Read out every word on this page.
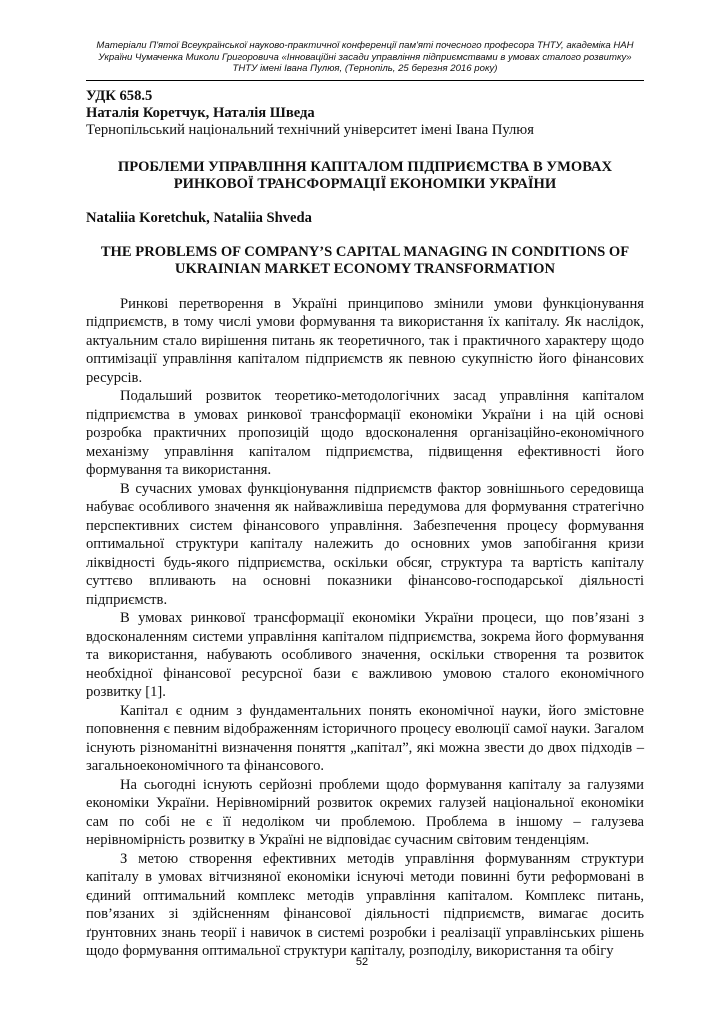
Матеріали П'ятої Всеукраїнської науково-практичної конференції пам'яті почесного професора ТНТУ, академіка НАН України Чумаченка Миколи Григоровича «Інноваційні засади управління підприємствами в умовах сталого розвитку» ТНТУ імені Івана Пулюя, (Тернопіль, 25 березня 2016 року)
УДК 658.5
Наталія Коретчук, Наталія Шведа
Тернопільський національний технічний університет імені Івана Пулюя
ПРОБЛЕМИ УПРАВЛІННЯ КАПІТАЛОМ ПІДПРИЄМСТВА В УМОВАХ РИНКОВОЇ ТРАНСФОРМАЦІЇ ЕКОНОМІКИ УКРАЇНИ
Nataliia Koretchuk, Nataliia Shveda
THE PROBLEMS OF COMPANY’S CAPITAL MANAGING IN CONDITIONS OF UKRAINIAN MARKET ECONOMY TRANSFORMATION

Ринкові перетворення в Україні принципово змінили умови функціонування підприємств, в тому числі умови формування та використання їх капіталу. Як наслідок, актуальним стало вирішення питань як теоретичного, так і практичного характеру щодо оптимізації управління капіталом підприємств як певною сукупністю його фінансових ресурсів.

Подальший розвиток теоретико-методологічних засад управління капіталом підприємства в умовах ринкової трансформації економіки України і на цій основі розробка практичних пропозицій щодо вдосконалення організаційно-економічного механізму управління капіталом підприємства, підвищення ефективності його формування та використання.

В сучасних умовах функціонування підприємств фактор зовнішнього середовища набуває особливого значення як найважливіша передумова для формування стратегічно перспективних систем фінансового управління. Забезпечення процесу формування оптимальної структури капіталу належить до основних умов запобігання кризи ліквідності будь-якого підприємства, оскільки обсяг, структура та вартість капіталу суттєво впливають на основні показники фінансово-господарської діяльності підприємств.

В умовах ринкової трансформації економіки України процеси, що пов’язані з вдосконаленням системи управління капіталом підприємства, зокрема його формування та використання, набувають особливого значення, оскільки створення та розвиток необхідної фінансової ресурсної бази є важливою умовою сталого економічного розвитку [1].

Капітал є одним з фундаментальних понять економічної науки, його змістовне поповнення є певним відображенням історичного процесу еволюції самої науки. Загалом існують різноманітні визначення поняття „капітал”, які можна звести до двох підходів – загальноекономічного та фінансового.

На сьогодні існують серйозні проблеми щодо формування капіталу за галузями економіки України. Нерівномірний розвиток окремих галузей національної економіки сам по собі не є її недоліком чи проблемою. Проблема в іншому – галузева нерівномірність розвитку в Україні не відповідає сучасним світовим тенденціям.

З метою створення ефективних методів управління формуванням структури капіталу в умовах вітчизняної економіки існуючі методи повинні бути реформовані в єдиний оптимальний комплекс методів управління капіталом. Комплекс питань, пов’язаних зі здійсненням фінансової діяльності підприємств, вимагає досить ґрунтовних знань теорії і навичок в системі розробки і реалізації управлінських рішень щодо формування оптимальної структури капіталу, розподілу, використання та обігу

52
